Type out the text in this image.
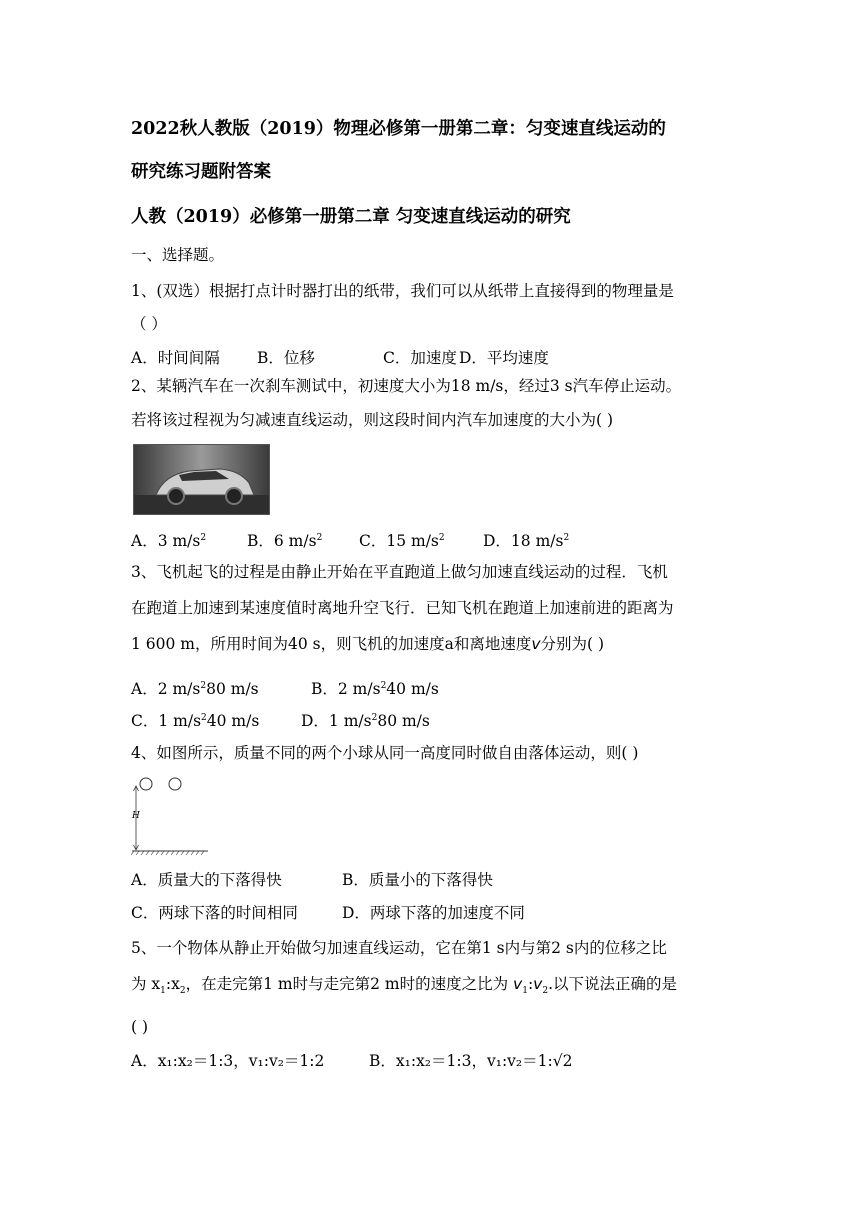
2022秋人教版（2019）物理必修第一册第二章：匀变速直线运动的
研究练习题附答案
人教（2019）必修第一册第二章 匀变速直线运动的研究
一、选择题。
1、(双选）根据打点计时器打出的纸带，我们可以从纸带上直接得到的物理量是
（ ）
A．时间间隔 B．位移	C．加速度 D．平均速度
2、某辆汽车在一次刹车测试中，初速度大小为18 m/s，经过3 s汽车停止运动。
若将该过程视为匀减速直线运动，则这段时间内汽车加速度的大小为( )
A．3 $m/s^2$	B．6 $m/s^2$ C．15 $m/s^2$ D．18 $m/s^2$
3、飞机起飞的过程是由静止开始在平直跑道上做匀加速直线运动的过程．飞机
在跑道上加速到某速度值时离地升空飞行．已知飞机在跑道上加速前进的距离为
1 600 m，所用时间为40 s，则飞机的加速度a和离地速度v分别为( )
A．2 $m/s^280$ m/s	B．2 $m/s^240$ m/s
C．1 $m/s^240$ m/s	D．1 $m/s^280$ m/s
4、如图所示，质量不同的两个小球从同一高度同时做自由落体运动，则( )
H
A．质量大的下落得快	B．质量小的下落得快
C．两球下落的时间相同	D．两球下落的加速度不同
5、一个物体从静止开始做匀加速直线运动，它在第1 s内与第2 s内的位移之比
为 $x_1:x_2$，在走完第1 m时与走完第2 m时的速度之比为 $v_1:v_2$.以下说法正确的是
( )
A．x₁:x₂＝1:3，v₁:v₂＝1:2	B．x₁:x₂＝1:3，v₁:v₂＝1:√2
